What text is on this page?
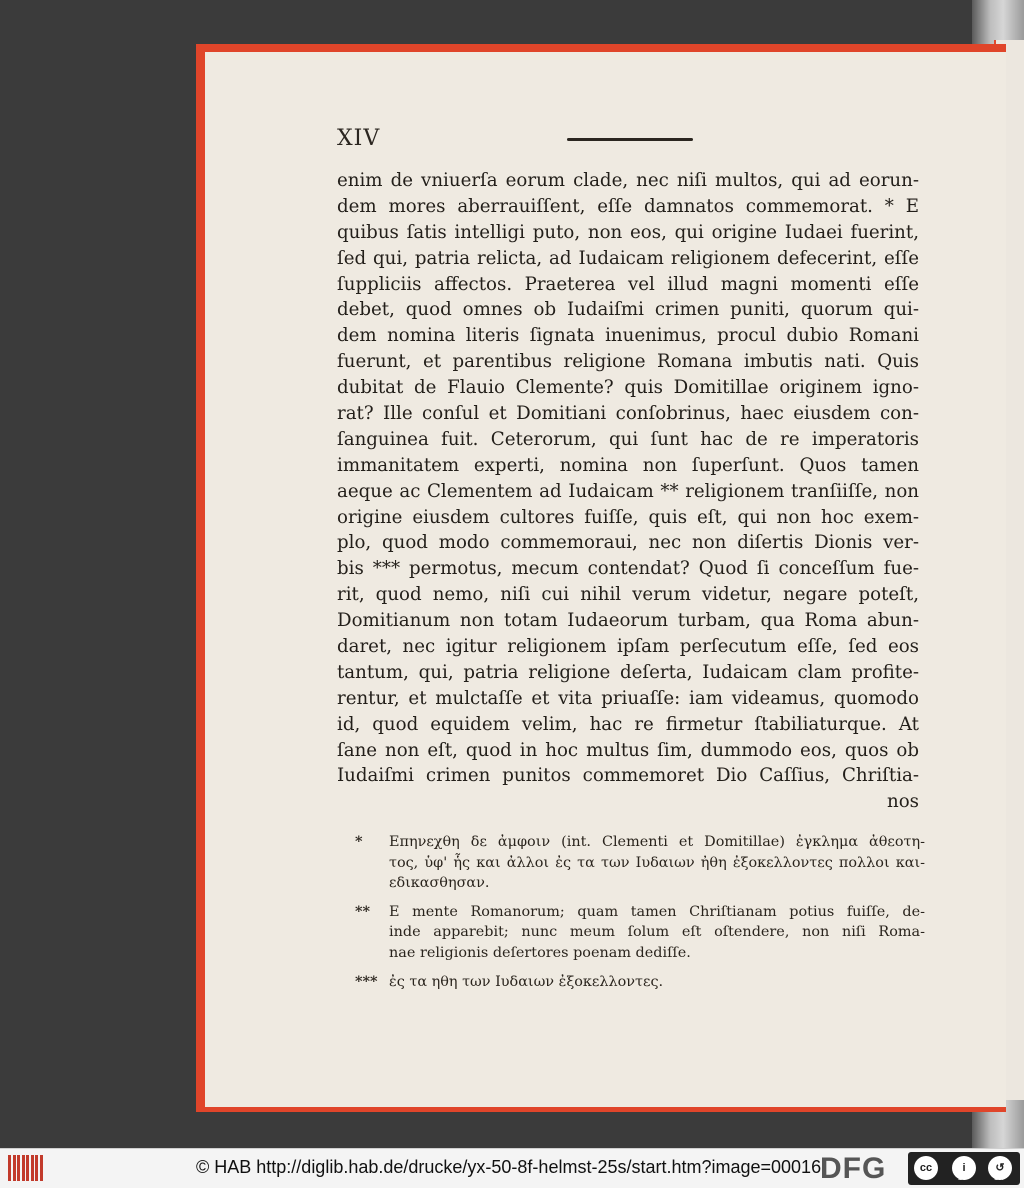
XIV
enim de vniuerſa eorum clade, nec niſi multos, qui ad eorun-
dem mores aberrauiſſent, eſſe damnatos commemorat. * E
quibus ſatis intelligi puto, non eos, qui origine Iudaei fuerint,
ſed qui, patria relicta, ad Iudaicam religionem defecerint, eſſe
ſuppliciis affectos. Praeterea vel illud magni momenti eſſe
debet, quod omnes ob Iudaiſmi crimen puniti, quorum qui-
dem nomina literis ſignata inuenimus, procul dubio Romani
fuerunt, et parentibus religione Romana imbutis nati. Quis
dubitat de Flauio Clemente? quis Domitillae originem igno-
rat? Ille conſul et Domitiani conſobrinus, haec eiusdem con-
ſanguinea fuit. Ceterorum, qui ſunt hac de re imperatoris
immanitatem experti, nomina non ſuperſunt. Quos tamen
aeque ac Clementem ad Iudaicam ** religionem tranſiiſſe, non
origine eiusdem cultores fuiſſe, quis eſt, qui non hoc exem-
plo, quod modo commemoraui, nec non diſertis Dionis ver-
bis *** permotus, mecum contendat? Quod ſi conceſſum fue-
rit, quod nemo, niſi cui nihil verum videtur, negare poteſt,
Domitianum non totam Iudaeorum turbam, qua Roma abun-
daret, nec igitur religionem ipſam perſecutum eſſe, ſed eos
tantum, qui, patria religione deſerta, Iudaicam clam profite-
rentur, et mulctaſſe et vita priuaſſe: iam videamus, quomodo
id, quod equidem velim, hac re firmetur ſtabiliaturque. At
ſane non eſt, quod in hoc multus ſim, dummodo eos, quos ob
Iudaiſmi crimen punitos commemoret Dio Caſſius, Chriſtia-
nos
* Επηνεχθη δε ἀμφοιν (int. Clementi et Domitillae) ἐγκλημα ἀθεοτη-
τος, ὑφ' ἧς και ἀλλοι ἐς τα των Ιυδαιων ἠθη ἐξοκελλοντες πολλοι και-
εδικασθησαν.
** E mente Romanorum; quam tamen Chriſtianam potius fuiſſe, de-
inde apparebit; nunc meum ſolum eſt oſtendere, non niſi Roma-
nae religionis deſertores poenam dediſſe.
*** ἐς τα ηθη των Ιυδαιων ἐξοκελλοντες.
© HAB http://diglib.hab.de/drucke/yx-50-8f-helmst-25s/start.htm?image=00016
DFG	cc	i	↺
BY	SA
